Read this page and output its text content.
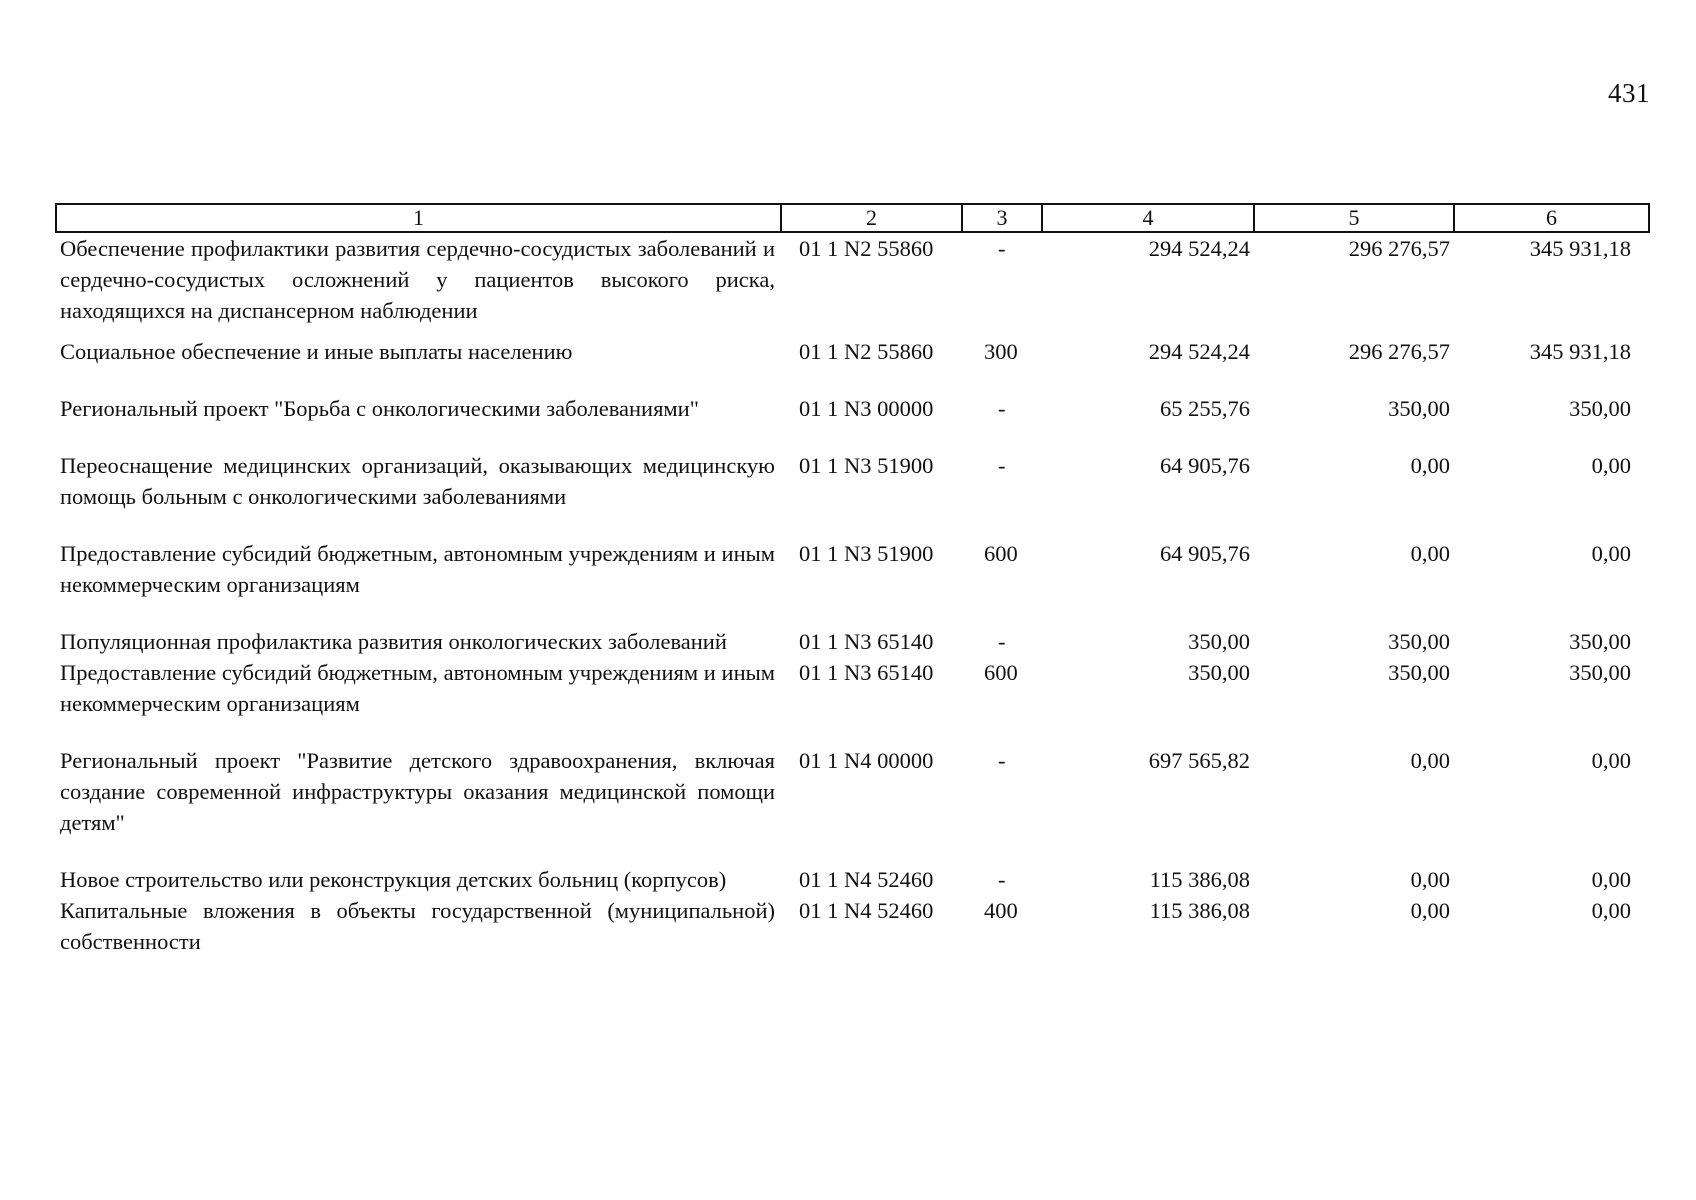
431
1	2	3	4	5	6
Обеспечение профилактики развития сердечно-сосудистых заболеваний и сердечно-сосудистых осложнений у пациентов высокого риска, находящихся на диспансерном наблюдении	01 1 N2 55860	-	294 524,24	296 276,57	345 931,18
Социальное обеспечение и иные выплаты населению	01 1 N2 55860	300	294 524,24	296 276,57	345 931,18
Региональный проект "Борьба с онкологическими заболеваниями"	01 1 N3 00000	-	65 255,76	350,00	350,00
Переоснащение медицинских организаций, оказывающих медицинскую помощь больным с онкологическими заболеваниями	01 1 N3 51900	-	64 905,76	0,00	0,00
Предоставление субсидий бюджетным, автономным учреждениям и иным некоммерческим организациям	01 1 N3 51900	600	64 905,76	0,00	0,00
Популяционная профилактика развития онкологических заболеваний	01 1 N3 65140	-	350,00	350,00	350,00
Предоставление субсидий бюджетным, автономным учреждениям и иным некоммерческим организациям	01 1 N3 65140	600	350,00	350,00	350,00
Региональный проект "Развитие детского здравоохранения, включая создание современной инфраструктуры оказания медицинской помощи детям"	01 1 N4 00000	-	697 565,82	0,00	0,00
Новое строительство или реконструкция детских больниц (корпусов)	01 1 N4 52460	-	115 386,08	0,00	0,00
Капитальные вложения в объекты государственной (муниципальной) собственности	01 1 N4 52460	400	115 386,08	0,00	0,00
